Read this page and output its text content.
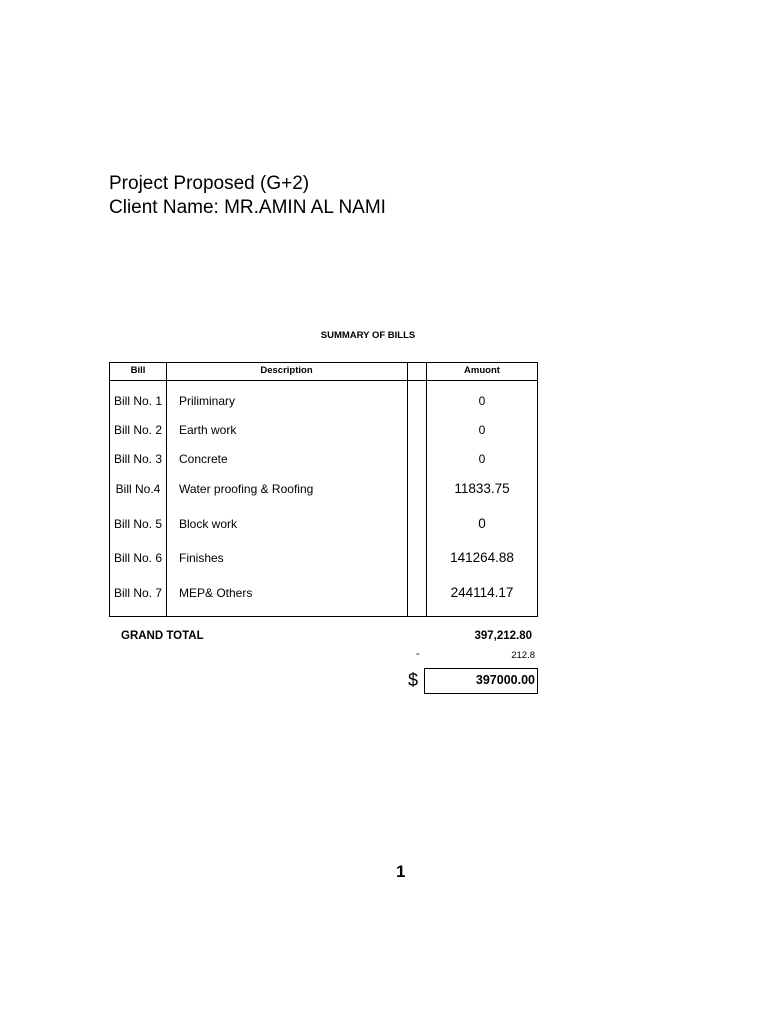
Project Proposed (G+2)
Client Name: MR.AMIN AL NAMI
SUMMARY OF BILLS
Bill	Description	Amuont
Bill No. 1	Priliminary	0
Bill No. 2	Earth work	0
Bill No. 3	Concrete	0
Bill No.4	Water proofing & Roofing	11833.75
Bill No. 5	Block work	0
Bill No. 6	Finishes	141264.88
Bill No. 7	MEP& Others	244114.17
GRAND TOTAL	397,212.80
-	212.8
$	397000.00
1
